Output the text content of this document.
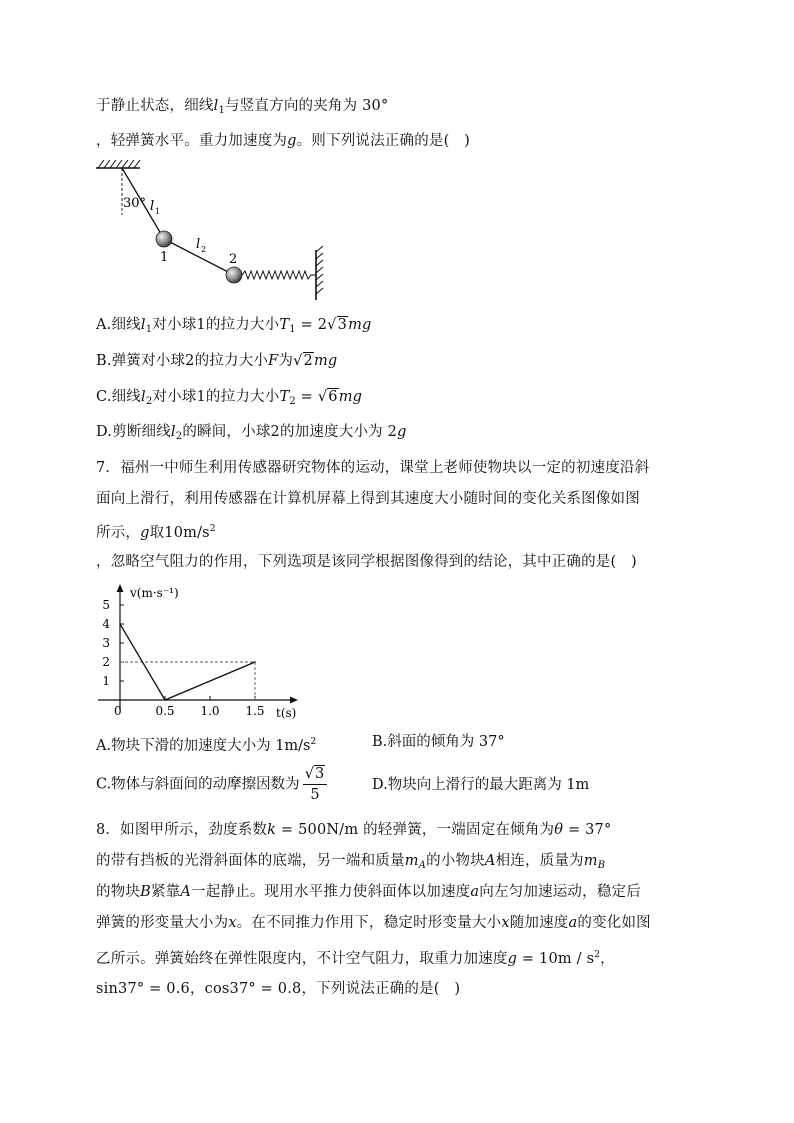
于静止状态，细线$l_1$与竖直方向的夹角为 30°
，轻弹簧水平。重力加速度为g。则下列说法正确的是(　)
30° l 1
l 2
1	2
A.细线$l_1$对小球1的拉力大小$T_1 = 2√3mg$
B.弹簧对小球2的拉力大小F为√2mg
C.细线$l_2$对小球1的拉力大小$T_2 = √6mg$
D.剪断细线$l_2$的瞬间，小球2的加速度大小为 2g
7．福州一中师生利用传感器研究物体的运动，课堂上老师使物块以一定的初速度沿斜
面向上滑行，利用传感器在计算机屏幕上得到其速度大小随时间的变化关系图像如图
所示，g取$10m/s^2$
，忽略空气阻力的作用，下列选项是该同学根据图像得到的结论，其中正确的是(　)
v(m·s⁻¹)
t(s)
0
1
2
3
4
5
0.5 1.0 1.5
A.物块下滑的加速度大小为 $1m/s^2$	B.斜面的倾角为 37°
C.物体与斜面间的动摩擦因数为 $\frac{√3}{5}$	D.物块向上滑行的最大距离为 1m
8．如图甲所示，劲度系数k = 500N/m 的轻弹簧，一端固定在倾角为θ = 37°
的带有挡板的光滑斜面体的底端，另一端和质量$m_A$的小物块A相连，质量为$m_B$
的物块B紧靠A一起静止。现用水平推力使斜面体以加速度a向左匀加速运动，稳定后
弹簧的形变量大小为x。在不同推力作用下，稳定时形变量大小x随加速度a的变化如图
乙所示。弹簧始终在弹性限度内，不计空气阻力，取重力加速度$g = 10m / s^2$，
sin37° = 0.6，cos37° = 0.8，下列说法正确的是(　)
